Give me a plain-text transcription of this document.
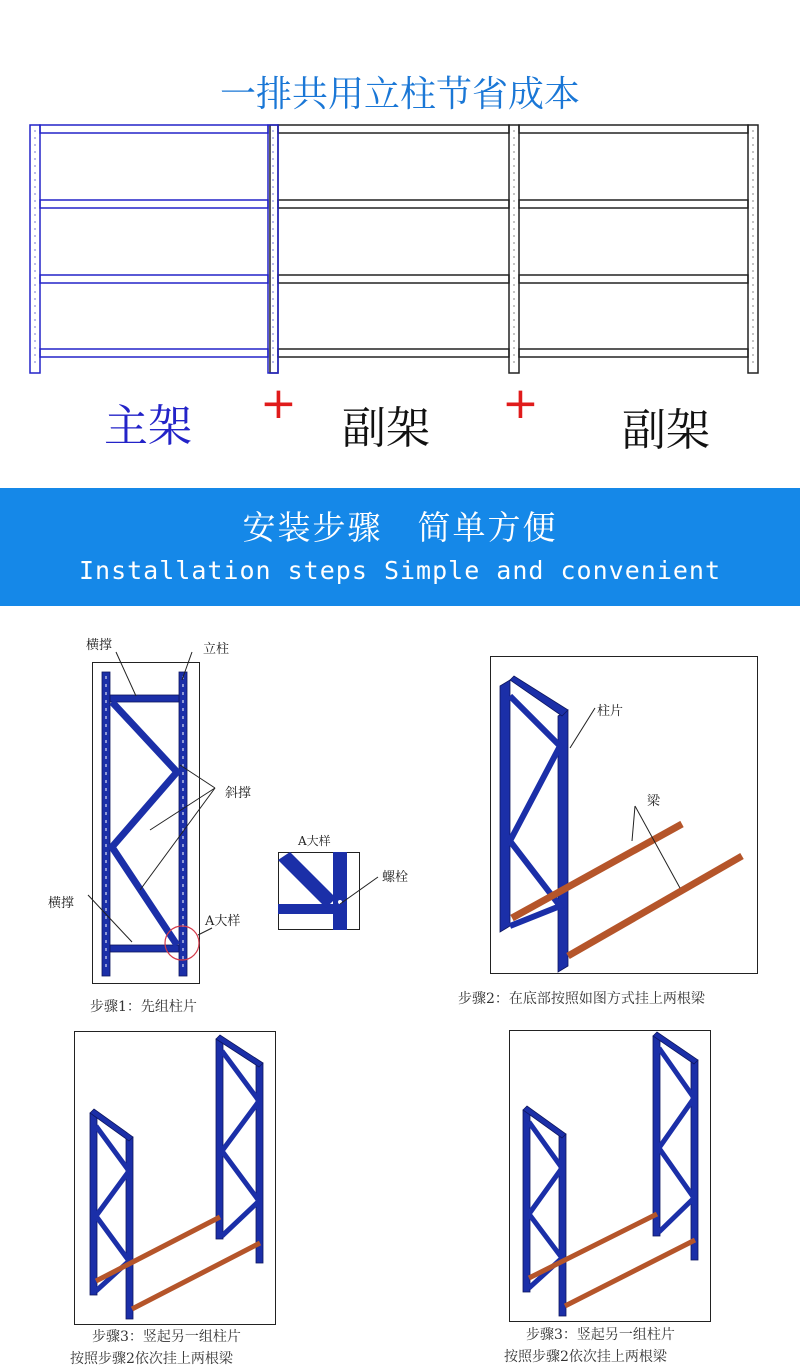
一排共用立柱节省成本
主架 + 副架 +
副架
安装步骤　简单方便
Installation steps Simple and convenient
横撑	立柱
斜撑
横撑
A大样
A大样
螺栓
步骤1：先组柱片
柱片
梁
步骤2：在底部按照如图方式挂上两根梁
步骤3：竖起另一组柱片
按照步骤2依次挂上两根梁
步骤3：竖起另一组柱片
按照步骤2依次挂上两根梁
